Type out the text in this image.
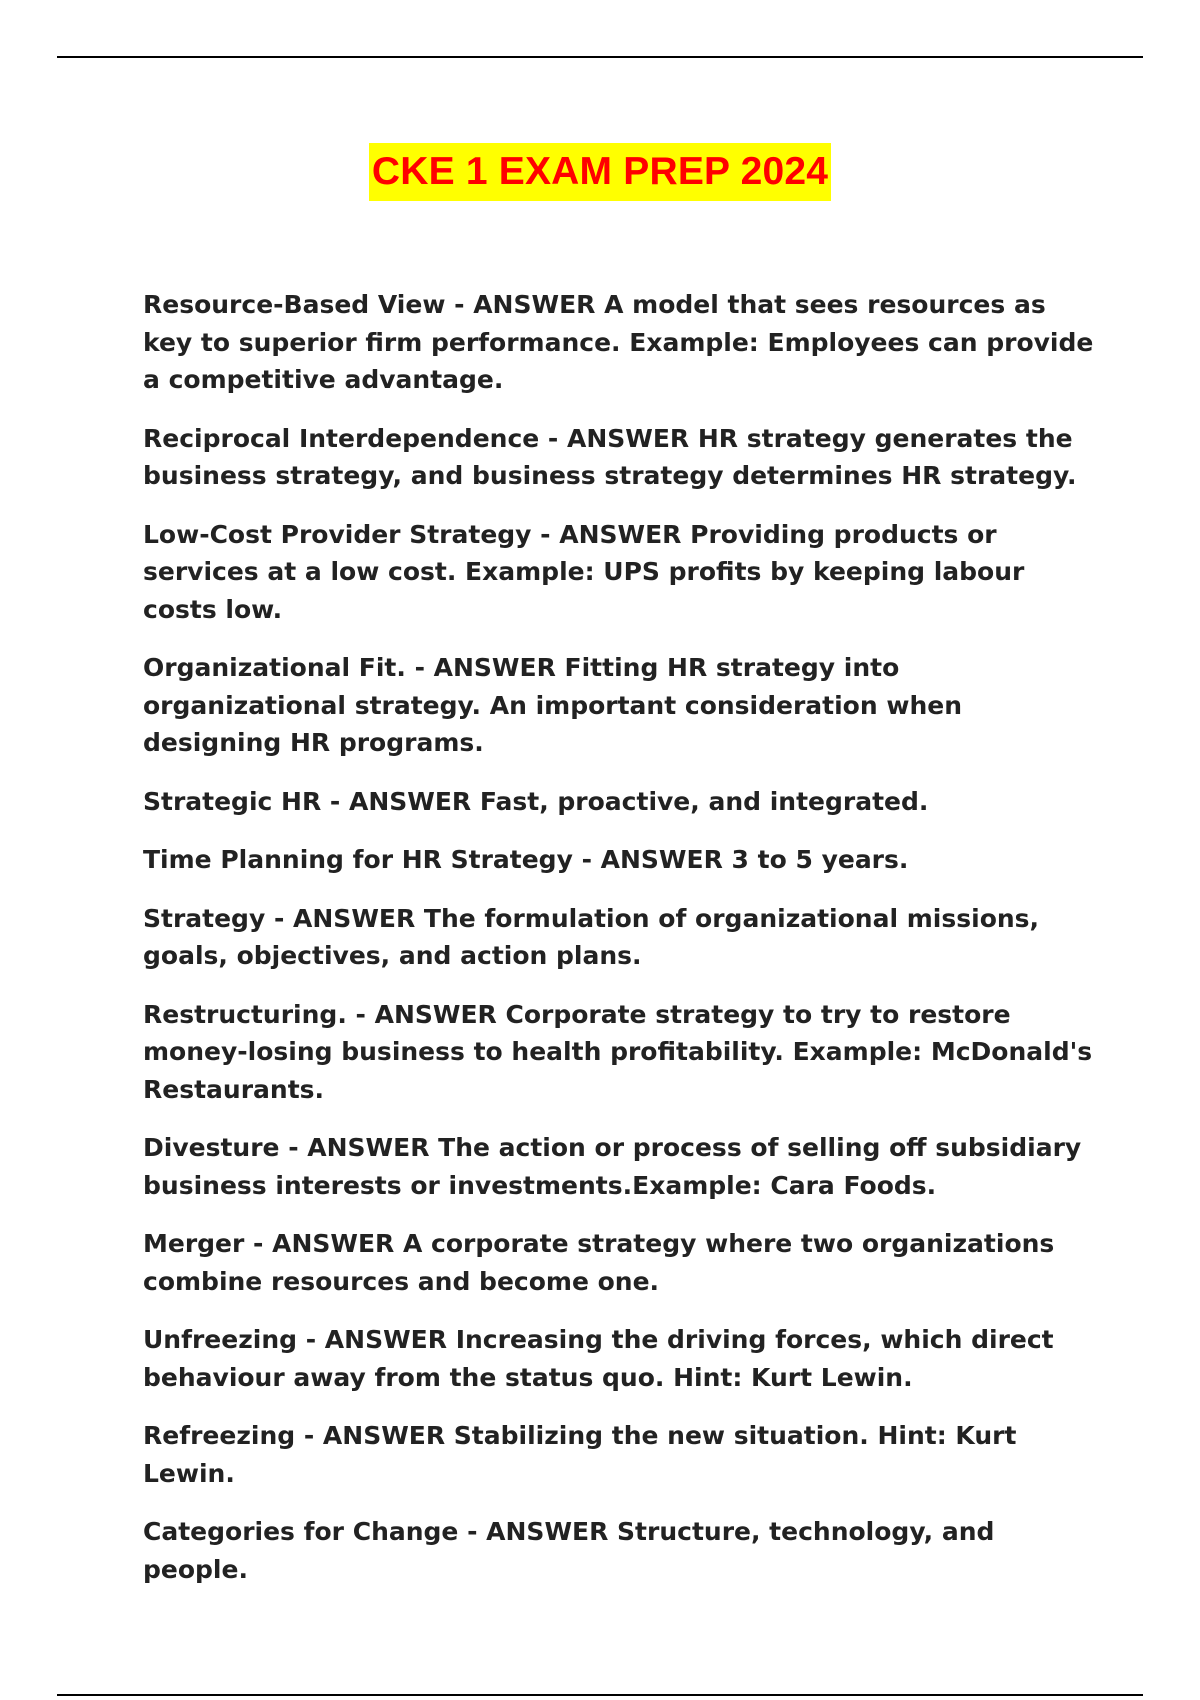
CKE 1 EXAM PREP 2024

Resource-Based View - ANSWER A model that sees resources as key to superior firm performance. Example: Employees can provide a competitive advantage.

Reciprocal Interdependence - ANSWER HR strategy generates the business strategy, and business strategy determines HR strategy.

Low-Cost Provider Strategy - ANSWER Providing products or services at a low cost. Example: UPS profits by keeping labour costs low.

Organizational Fit. - ANSWER Fitting HR strategy into organizational strategy. An important consideration when designing HR programs.

Strategic HR - ANSWER Fast, proactive, and integrated.

Time Planning for HR Strategy - ANSWER 3 to 5 years.

Strategy - ANSWER The formulation of organizational missions, goals, objectives, and action plans.

Restructuring. - ANSWER Corporate strategy to try to restore money-losing business to health profitability. Example: McDonald's Restaurants.

Divesture - ANSWER The action or process of selling off subsidiary business interests or investments.Example: Cara Foods.

Merger - ANSWER A corporate strategy where two organizations combine resources and become one.

Unfreezing - ANSWER Increasing the driving forces, which direct behaviour away from the status quo. Hint: Kurt Lewin.

Refreezing - ANSWER Stabilizing the new situation. Hint: Kurt Lewin.

Categories for Change - ANSWER Structure, technology, and people.
